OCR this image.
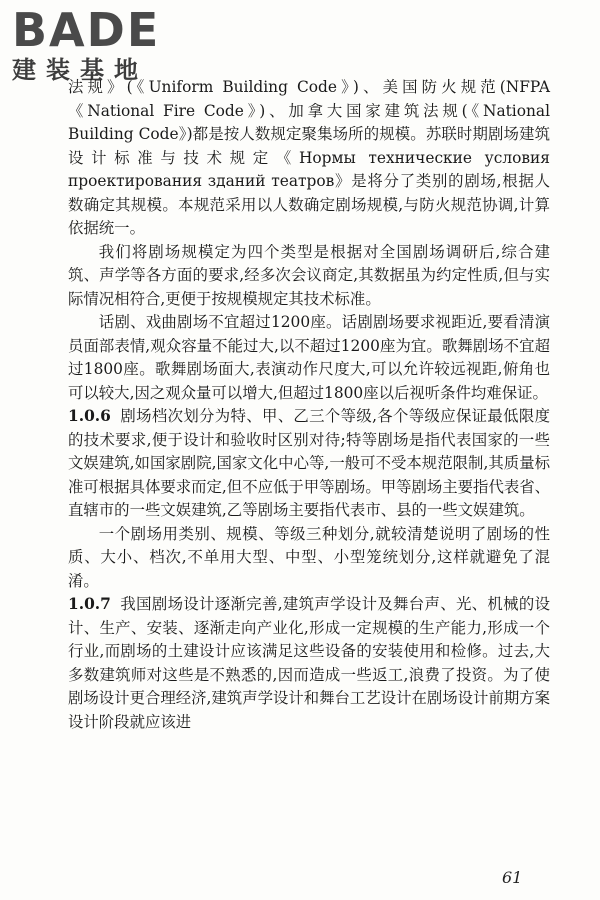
BADE
建装基地

法规》(《Uniform Building Code》)、美国防火规范(NFPA《National Fire Code》)、加拿大国家建筑法规(《National Building Code》)都是按人数规定聚集场所的规模。苏联时期剧场建筑设计标准与技术规定《Нормы технические условия проектирования зданий театров》是将分了类别的剧场,根据人数确定其规模。本规范采用以人数确定剧场规模,与防火规范协调,计算依据统一。

我们将剧场规模定为四个类型是根据对全国剧场调研后,综合建筑、声学等各方面的要求,经多次会议商定,其数据虽为约定性质,但与实际情况相符合,更便于按规模规定其技术标准。

话剧、戏曲剧场不宜超过1200座。话剧剧场要求视距近,要看清演员面部表情,观众容量不能过大,以不超过1200座为宜。歌舞剧场不宜超过1800座。歌舞剧场面大,表演动作尺度大,可以允许较远视距,俯角也可以较大,因之观众量可以增大,但超过1800座以后视听条件均难保证。

1.0.6 剧场档次划分为特、甲、乙三个等级,各个等级应保证最低限度的技术要求,便于设计和验收时区别对待;特等剧场是指代表国家的一些文娱建筑,如国家剧院,国家文化中心等,一般可不受本规范限制,其质量标准可根据具体要求而定,但不应低于甲等剧场。甲等剧场主要指代表省、直辖市的一些文娱建筑,乙等剧场主要指代表市、县的一些文娱建筑。

一个剧场用类别、规模、等级三种划分,就较清楚说明了剧场的性质、大小、档次,不单用大型、中型、小型笼统划分,这样就避免了混淆。

1.0.7 我国剧场设计逐渐完善,建筑声学设计及舞台声、光、机械的设计、生产、安装、逐渐走向产业化,形成一定规模的生产能力,形成一个行业,而剧场的土建设计应该满足这些设备的安装使用和检修。过去,大多数建筑师对这些是不熟悉的,因而造成一些返工,浪费了投资。为了使剧场设计更合理经济,建筑声学设计和舞台工艺设计在剧场设计前期方案设计阶段就应该进

61
